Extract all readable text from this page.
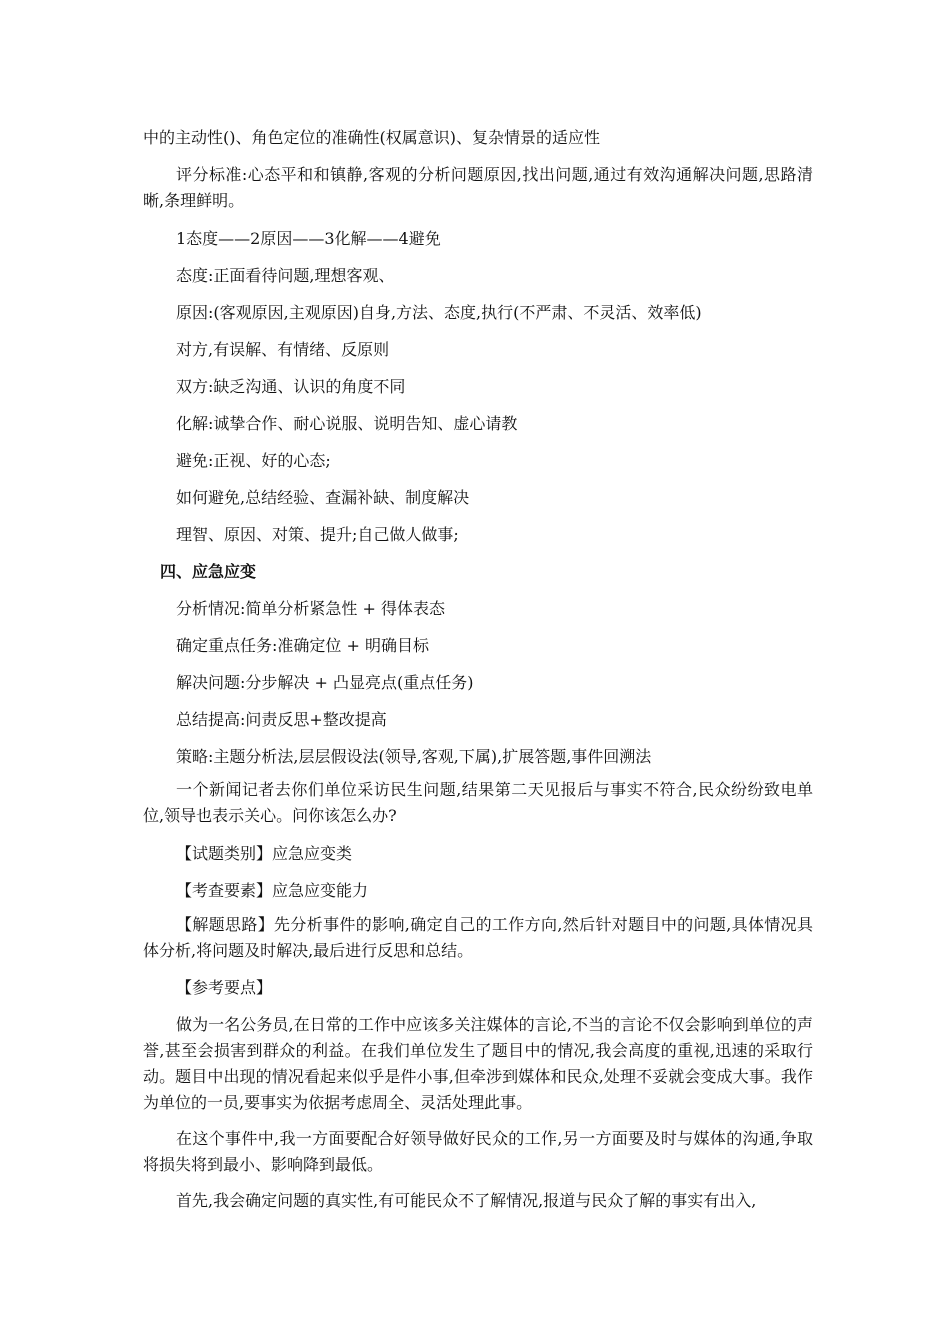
中的主动性()、角色定位的准确性(权属意识)、复杂情景的适应性
评分标准:心态平和和镇静,客观的分析问题原因,找出问题,通过有效沟通解决问题,思路清晰,条理鲜明。
1态度——2原因——3化解——4避免
态度:正面看待问题,理想客观、
原因:(客观原因,主观原因)自身,方法、态度,执行(不严肃、不灵活、效率低)
对方,有误解、有情绪、反原则
双方:缺乏沟通、认识的角度不同
化解:诚挚合作、耐心说服、说明告知、虚心请教
避免:正视、好的心态;
如何避免,总结经验、查漏补缺、制度解决
理智、原因、对策、提升;自己做人做事;
四、应急应变
分析情况:简单分析紧急性 + 得体表态
确定重点任务:准确定位 + 明确目标
解决问题:分步解决 + 凸显亮点(重点任务)
总结提高:问责反思+整改提高
策略:主题分析法,层层假设法(领导,客观,下属),扩展答题,事件回溯法
一个新闻记者去你们单位采访民生问题,结果第二天见报后与事实不符合,民众纷纷致电单位,领导也表示关心。问你该怎么办?
【试题类别】应急应变类
【考查要素】应急应变能力
【解题思路】先分析事件的影响,确定自己的工作方向,然后针对题目中的问题,具体情况具体分析,将问题及时解决,最后进行反思和总结。
【参考要点】
做为一名公务员,在日常的工作中应该多关注媒体的言论,不当的言论不仅会影响到单位的声誉,甚至会损害到群众的利益。在我们单位发生了题目中的情况,我会高度的重视,迅速的采取行动。题目中出现的情况看起来似乎是件小事,但牵涉到媒体和民众,处理不妥就会变成大事。我作为单位的一员,要事实为依据考虑周全、灵活处理此事。
在这个事件中,我一方面要配合好领导做好民众的工作,另一方面要及时与媒体的沟通,争取将损失将到最小、影响降到最低。
首先,我会确定问题的真实性,有可能民众不了解情况,报道与民众了解的事实有出入,
